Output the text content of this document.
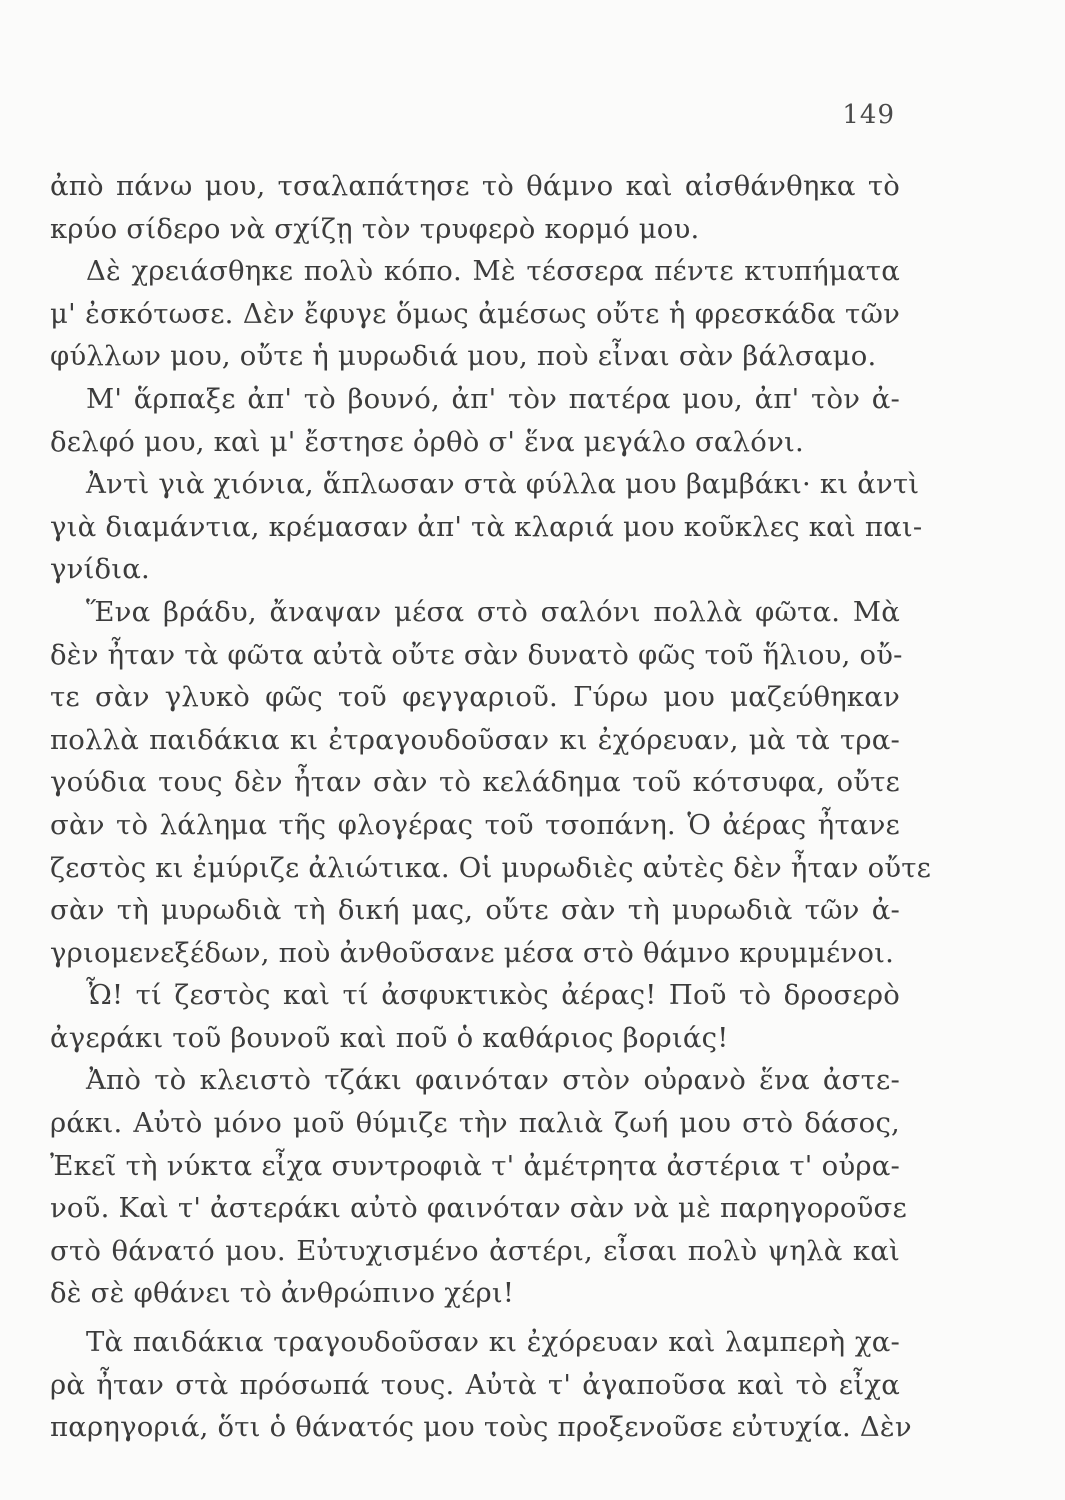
149
ἀπὸ πάνω μου, τσαλαπάτησε τὸ θάμνο καὶ αἰσθάνθηκα τὸ
κρύο σίδερο νὰ σχίζῃ τὸν τρυφερὸ κορμό μου.
Δὲ χρειάσθηκε πολὺ κόπο. Μὲ τέσσερα πέντε κτυπήματα
μ' ἐσκότωσε. Δὲν ἔφυγε ὅμως ἀμέσως οὔτε ἡ φρεσκάδα τῶν
φύλλων μου, οὔτε ἡ μυρωδιά μου, ποὺ εἶναι σὰν βάλσαμο.
Μ' ἅρπαξε ἀπ' τὸ βουνό, ἀπ' τὸν πατέρα μου, ἀπ' τὸν ἀ-
δελφό μου, καὶ μ' ἔστησε ὀρθὸ σ' ἕνα μεγάλο σαλόνι.
Ἀντὶ γιὰ χιόνια, ἅπλωσαν στὰ φύλλα μου βαμβάκι· κι ἀντὶ
γιὰ διαμάντια, κρέμασαν ἀπ' τὰ κλαριά μου κοῦκλες καὶ παι-
γνίδια.
Ἕνα βράδυ, ἄναψαν μέσα στὸ σαλόνι πολλὰ φῶτα. Μὰ
δὲν ἦταν τὰ φῶτα αὐτὰ οὔτε σὰν δυνατὸ φῶς τοῦ ἥλιου, οὔ-
τε σὰν γλυκὸ φῶς τοῦ φεγγαριοῦ. Γύρω μου μαζεύθηκαν
πολλὰ παιδάκια κι ἐτραγουδοῦσαν κι ἐχόρευαν, μὰ τὰ τρα-
γούδια τους δὲν ἦταν σὰν τὸ κελάδημα τοῦ κότσυφα, οὔτε
σὰν τὸ λάλημα τῆς φλογέρας τοῦ τσοπάνη. Ὁ ἀέρας ἦτανε
ζεστὸς κι ἐμύριζε ἀλιώτικα. Οἱ μυρωδιὲς αὐτὲς δὲν ἦταν οὔτε
σὰν τὴ μυρωδιὰ τὴ δική μας, οὔτε σὰν τὴ μυρωδιὰ τῶν ἀ-
γριομενεξέδων, ποὺ ἀνθοῦσανε μέσα στὸ θάμνο κρυμμένοι.
Ὦ! τί ζεστὸς καὶ τί ἀσφυκτικὸς ἀέρας! Ποῦ τὸ δροσερὸ
ἀγεράκι τοῦ βουνοῦ καὶ ποῦ ὁ καθάριος βοριάς!
Ἀπὸ τὸ κλειστὸ τζάκι φαινόταν στὸν οὐρανὸ ἕνα ἀστε-
ράκι. Αὐτὸ μόνο μοῦ θύμιζε τὴν παλιὰ ζωή μου στὸ δάσος,
Ἐκεῖ τὴ νύκτα εἶχα συντροφιὰ τ' ἀμέτρητα ἀστέρια τ' οὐρα-
νοῦ. Καὶ τ' ἀστεράκι αὐτὸ φαινόταν σὰν νὰ μὲ παρηγοροῦσε
στὸ θάνατό μου. Εὐτυχισμένο ἀστέρι, εἶσαι πολὺ ψηλὰ καὶ
δὲ σὲ φθάνει τὸ ἀνθρώπινο χέρι!
Τὰ παιδάκια τραγουδοῦσαν κι ἐχόρευαν καὶ λαμπερὴ χα-
ρὰ ἦταν στὰ πρόσωπά τους. Αὐτὰ τ' ἀγαποῦσα καὶ τὸ εἶχα
παρηγοριά, ὅτι ὁ θάνατός μου τοὺς προξενοῦσε εὐτυχία. Δὲν
